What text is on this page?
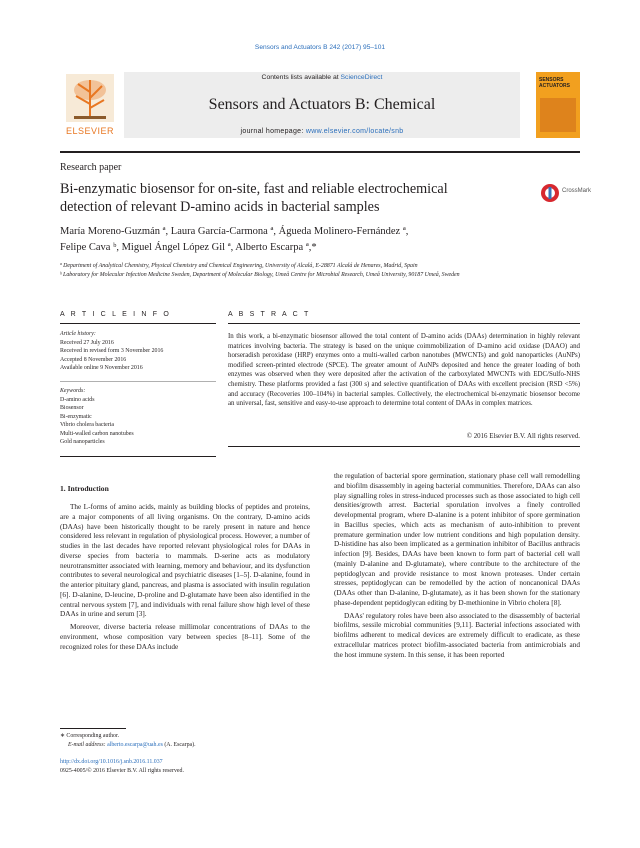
Sensors and Actuators B 242 (2017) 95–101
ELSEVIER
Contents lists available at ScienceDirect
Sensors and Actuators B: Chemical
journal homepage: www.elsevier.com/locate/snb
SENSORS ACTUATORS
Research paper
Bi-enzymatic biosensor for on-site, fast and reliable electrochemical detection of relevant D-amino acids in bacterial samples
CrossMark
María Moreno-Guzmán ª, Laura García-Carmona ª, Águeda Molinero-Fernández ª,
Felipe Cava ᵇ, Miguel Ángel López Gil ª, Alberto Escarpa ª,*
ª Department of Analytical Chemistry, Physical Chemistry and Chemical Engineering, University of Alcalá, E-28871 Alcalá de Henares, Madrid, Spain
ᵇ Laboratory for Molecular Infection Medicine Sweden, Department of Molecular Biology, Umeå Centre for Microbial Research, Umeå University, 90187 Umeå, Sweden
A R T I C L E I N F O	A B S T R A C T
Article history:
Received 27 July 2016
Received in revised form 3 November 2016
Accepted 8 November 2016
Available online 9 November 2016
Keywords:
D-amino acids
Biosensor
Bi-enzymatic
Vibrio cholera bacteria
Multi-walled carbon nanotubes
Gold nanoparticles
In this work, a bi-enzymatic biosensor allowed the total content of D-amino acids (DAAs) determination in highly relevant matrices involving bacteria. The strategy is based on the unique coimmobilization of D-amino acid oxidase (DAAO) and horseradish peroxidase (HRP) enzymes onto a multi-walled carbon nanotubes (MWCNTs) and gold nanoparticles (AuNPs) modified screen-printed electrode (SPCE). The greater amount of AuNPs deposited and hence the greater loading of both enzymes was observed when they were deposited after the activation of the carboxylated MWCNTs with EDC/Sulfo-NHS chemistry. These platforms provided a fast (300 s) and selective quantification of DAAs with excellent precision (RSD <5%) and accuracy (Recoveries 100–104%) in bacterial samples. Collectively, the electrochemical bi-enzymatic biosensor become an universal, fast, sensitive and easy-to-use approach to determine total content of DAAs in complex matrices.
© 2016 Elsevier B.V. All rights reserved.
1. Introduction

The L-forms of amino acids, mainly as building blocks of peptides and proteins, are a major components of all living organisms. On the contrary, D-amino acids (DAAs) have been historically thought to be rarely present in nature and hence considered less relevant in regulation of physiological process. However, a number of studies in the last decades have reported relevant physiological roles for DAAs in diverse species from bacteria to mammals. D-serine acts as modulatory neurotransmitter associated with learning, memory and behaviour, and its dysfunction contributes to several neurological and psychiatric diseases [1–5]. D-alanine, found in the anterior pituitary gland, pancreas, and plasma is associated with insulin regulation [6]. D-alanine, D-leucine, D-proline and D-glutamate have been also identified in the central nervous system [7], and individuals with renal failure show high level of these DAAs in urine and serum [3].

Moreover, diverse bacteria release millimolar concentrations of DAAs to the environment, whose composition vary between species [8–11]. Some of the recognized roles for these DAAs include

the regulation of bacterial spore germination, stationary phase cell wall remodelling and biofilm disassembly in ageing bacterial communities. Therefore, DAAs can also play signalling roles in stress-induced processes such as those associated to high cell densities/growth arrest. Bacterial sporulation involves a finely controlled developmental program, where D-alanine is a potent inhibitor of spore germination in Bacillus species, which acts as mechanism of auto-inhibition to prevent premature germination under low nutrient conditions and high population density. D-histidine has also been implicated as a germination inhibitor of Bacillus anthracis infection [9]. Besides, DAAs have been known to form part of bacterial cell wall (mainly D-alanine and D-glutamate), where contribute to the architecture of the peptidoglycan and provide resistance to most known proteases. Under certain stresses, peptidoglycan can be remodelled by the action of noncanonical DAAs (DAAs other than D-alanine, D-glutamate), as it has been shown for the stationary phase-dependent peptidoglycan editing by D-methionine in Vibrio cholera [8].

DAAs' regulatory roles have been also associated to the disassembly of bacterial biofilms, sessile microbial communities [9,11]. Bacterial infections associated with biofilms adherent to medical devices are extremely difficult to eradicate, as these extracellular matrices protect biofilm-associated bacteria from antimicrobials and the host immune system. In this sense, it has been reported

∗ Corresponding author.
E-mail address: alberto.escarpa@uah.es (A. Escarpa).
http://dx.doi.org/10.1016/j.snb.2016.11.037
0925-4005/© 2016 Elsevier B.V. All rights reserved.
